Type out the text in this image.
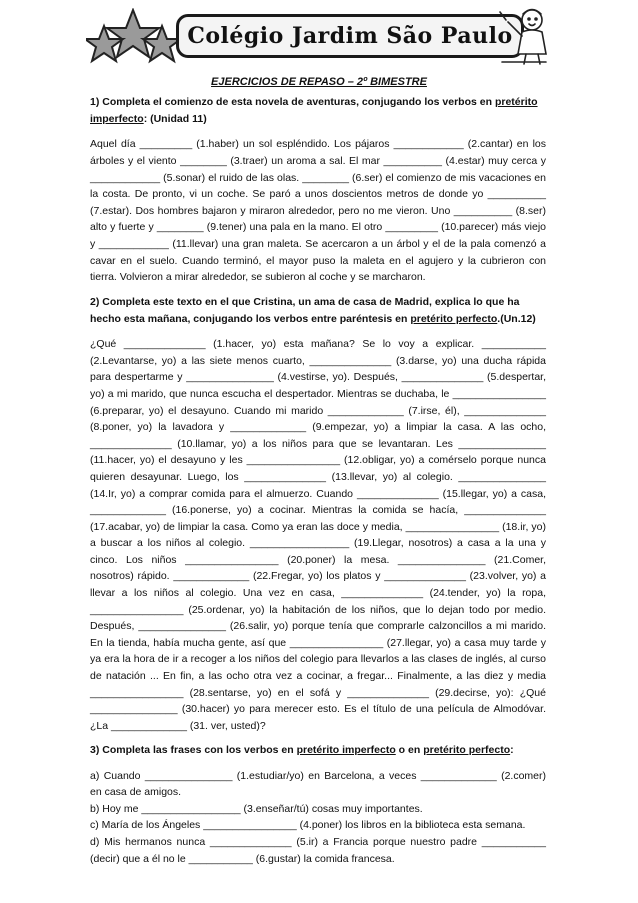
Colégio Jardim São Paulo
EJERCICIOS DE REPASO – 2º BIMESTRE

1) Completa el comienzo de esta novela de aventuras, conjugando los verbos en pretérito imperfecto: (Unidad 11)

Aquel día _________ (1.haber) un sol espléndido. Los pájaros ____________ (2.cantar) en los árboles y el viento ________ (3.traer) un aroma a sal. El mar __________ (4.estar) muy cerca y ____________ (5.sonar) el ruido de las olas. ________ (6.ser) el comienzo de mis vacaciones en la costa. De pronto, vi un coche. Se paró a unos doscientos metros de donde yo __________ (7.estar). Dos hombres bajaron y miraron alrededor, pero no me vieron. Uno __________ (8.ser) alto y fuerte y ________ (9.tener) una pala en la mano. El otro _________ (10.parecer) más viejo y ____________ (11.llevar) una gran maleta. Se acercaron a un árbol y el de la pala comenzó a cavar en el suelo. Cuando terminó, el mayor puso la maleta en el agujero y la cubrieron con tierra. Volvieron a mirar alrededor, se subieron al coche y se marcharon.

2) Completa este texto en el que Cristina, un ama de casa de Madrid, explica lo que ha hecho esta mañana, conjugando los verbos entre paréntesis en pretérito perfecto.(Un.12)

¿Qué ______________ (1.hacer, yo) esta mañana? Se lo voy a explicar. ___________ (2.Levantarse, yo) a las siete menos cuarto, ______________ (3.darse, yo) una ducha rápida para despertarme y _______________ (4.vestirse, yo). Después, ______________ (5.despertar, yo) a mi marido, que nunca escucha el despertador. Mientras se duchaba, le ________________ (6.preparar, yo) el desayuno. Cuando mi marido _____________ (7.irse, él), ______________ (8.poner, yo) la lavadora y _____________ (9.empezar, yo) a limpiar la casa. A las ocho, ______________ (10.llamar, yo) a los niños para que se levantaran. Les _______________ (11.hacer, yo) el desayuno y les ________________ (12.obligar, yo) a comérselo porque nunca quieren desayunar. Luego, los ______________ (13.llevar, yo) al colegio. _______________ (14.Ir, yo) a comprar comida para el almuerzo. Cuando ______________ (15.llegar, yo) a casa, _____________ (16.ponerse, yo) a cocinar. Mientras la comida se hacía, ______________ (17.acabar, yo) de limpiar la casa. Como ya eran las doce y media, ________________ (18.ir, yo) a buscar a los niños al colegio. _________________ (19.Llegar, nosotros) a casa a la una y cinco. Los niños ________________ (20.poner) la mesa. _______________ (21.Comer, nosotros) rápido. _____________ (22.Fregar, yo) los platos y ______________ (23.volver, yo) a llevar a los niños al colegio. Una vez en casa, ______________ (24.tender, yo) la ropa, ________________ (25.ordenar, yo) la habitación de los niños, que lo dejan todo por medio. Después, _______________ (26.salir, yo) porque tenía que comprarle calzoncillos a mi marido. En la tienda, había mucha gente, así que ________________ (27.llegar, yo) a casa muy tarde y ya era la hora de ir a recoger a los niños del colegio para llevarlos a las clases de inglés, al curso de natación ... En fin, a las ocho otra vez a cocinar, a fregar... Finalmente, a las diez y media ________________ (28.sentarse, yo) en el sofá y ______________ (29.decirse, yo): ¿Qué _______________ (30.hacer) yo para merecer esto. Es el título de una película de Almodóvar. ¿La _____________ (31. ver, usted)?

3) Completa las frases con los verbos en pretérito imperfecto o en pretérito perfecto:

a) Cuando _______________ (1.estudiar/yo) en Barcelona, a veces _____________ (2.comer) en casa de amigos.

b) Hoy me _________________ (3.enseñar/tú) cosas muy importantes.

c) María de los Ángeles ________________ (4.poner) los libros en la biblioteca esta semana.

d) Mis hermanos nunca ______________ (5.ir) a Francia porque nuestro padre ___________ (decir) que a él no le ___________ (6.gustar) la comida francesa.
